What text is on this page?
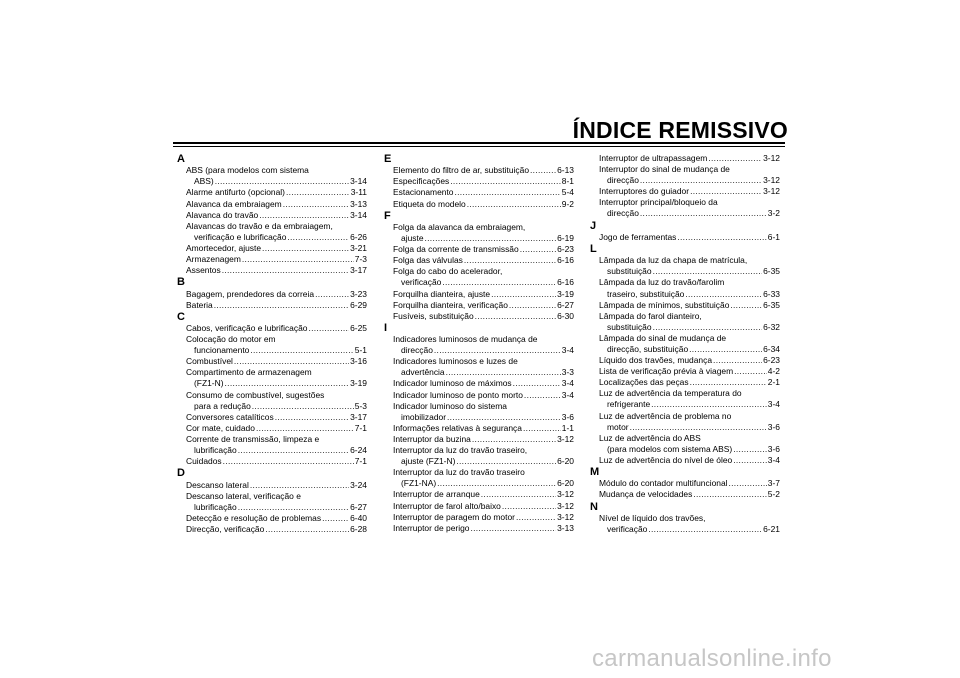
ÍNDICE REMISSIVO
A
ABS (para modelos com sistema
ABS) .....	3-14
Alarme antifurto (opcional) .....	3-11
Alavanca da embraiagem .....	3-13
Alavanca do travão .....	3-14
Alavancas do travão e da embraiagem,
verificação e lubrificação .....	6-26
Amortecedor, ajuste .....	3-21
Armazenagem .....	7-3
Assentos .....	3-17
B
Bagagem, prendedores da correia .....	3-23
Bateria .....	6-29
C
Cabos, verificação e lubrificação .....	6-25
Colocação do motor em
funcionamento .....	5-1
Combustível .....	3-16
Compartimento de armazenagem
(FZ1-N) .....	3-19
Consumo de combustível, sugestões
para a redução .....	5-3
Conversores catalíticos .....	3-17
Cor mate, cuidado .....	7-1
Corrente de transmissão, limpeza e
lubrificação .....	6-24
Cuidados .....	7-1
D
Descanso lateral .....	3-24
Descanso lateral, verificação e
lubrificação .....	6-27
Detecção e resolução de problemas .....	6-40
Direcção, verificação .....	6-28
E
Elemento do filtro de ar, substituição .....	6-13
Especificações .....	8-1
Estacionamento .....	5-4
Etiqueta do modelo .....	9-2
F
Folga da alavanca da embraiagem,
ajuste .....	6-19
Folga da corrente de transmissão .....	6-23
Folga das válvulas .....	6-16
Folga do cabo do acelerador,
verificação .....	6-16
Forquilha dianteira, ajuste .....	3-19
Forquilha dianteira, verificação .....	6-27
Fusíveis, substituição .....	6-30
I
Indicadores luminosos de mudança de
direcção .....	3-4
Indicadores luminosos e luzes de
advertência .....	3-3
Indicador luminoso de máximos .....	3-4
Indicador luminoso de ponto morto .....	3-4
Indicador luminoso do sistema
imobilizador .....	3-6
Informações relativas à segurança .....	1-1
Interruptor da buzina .....	3-12
Interruptor da luz do travão traseiro,
ajuste (FZ1-N) .....	6-20
Interruptor da luz do travão traseiro
(FZ1-NA) .....	6-20
Interruptor de arranque .....	3-12
Interruptor de farol alto/baixo .....	3-12
Interruptor de paragem do motor .....	3-12
Interruptor de perigo .....	3-13
Interruptor de ultrapassagem .....	3-12
Interruptor do sinal de mudança de
direcção .....	3-12
Interruptores do guiador .....	3-12
Interruptor principal/bloqueio da
direcção .....	3-2
J
Jogo de ferramentas .....	6-1
L
Lâmpada da luz da chapa de matrícula,
substituição .....	6-35
Lâmpada da luz do travão/farolim
traseiro, substituição .....	6-33
Lâmpada de mínimos, substituição .....	6-35
Lâmpada do farol dianteiro,
substituição .....	6-32
Lâmpada do sinal de mudança de
direcção, substituição .....	6-34
Líquido dos travões, mudança .....	6-23
Lista de verificação prévia à viagem .....	4-2
Localizações das peças .....	2-1
Luz de advertência da temperatura do
refrigerante .....	3-4
Luz de advertência de problema no
motor .....	3-6
Luz de advertência do ABS
(para modelos com sistema ABS) .....	3-6
Luz de advertência do nível de óleo .....	3-4
M
Módulo do contador multifuncional .....	3-7
Mudança de velocidades .....	5-2
N
Nível de líquido dos travões,
verificação .....	6-21
carmanualsonline.info
